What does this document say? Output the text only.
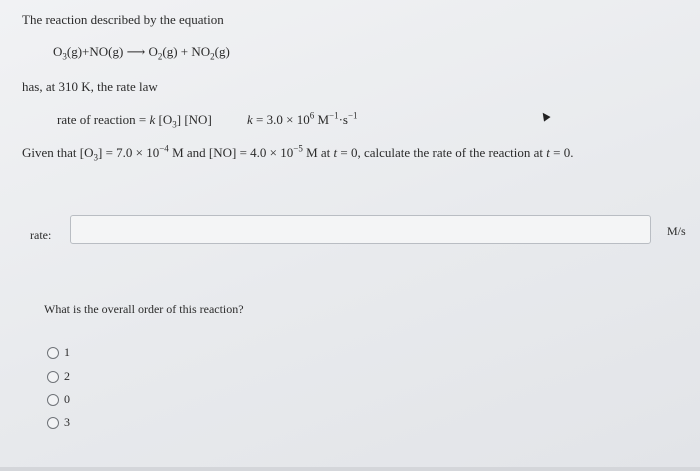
The reaction described by the equation
$O_3(g)+NO(g)$ ⟶ $O_2(g) + NO_2(g)$
has, at 310 K, the rate law
rate of reaction = k $[O_3]$ [NO]	$k = 3.0 \times 10^6$ $M^{-1}\cdot s^{-1}$
Given that $[O_3] = 7.0 \times 10^{-4}$ M and $[NO] = 4.0 \times 10^{-5}$ M at t = 0, calculate the rate of the reaction at t = 0.
rate:	M/s
What is the overall order of this reaction?
1
2
0
3
